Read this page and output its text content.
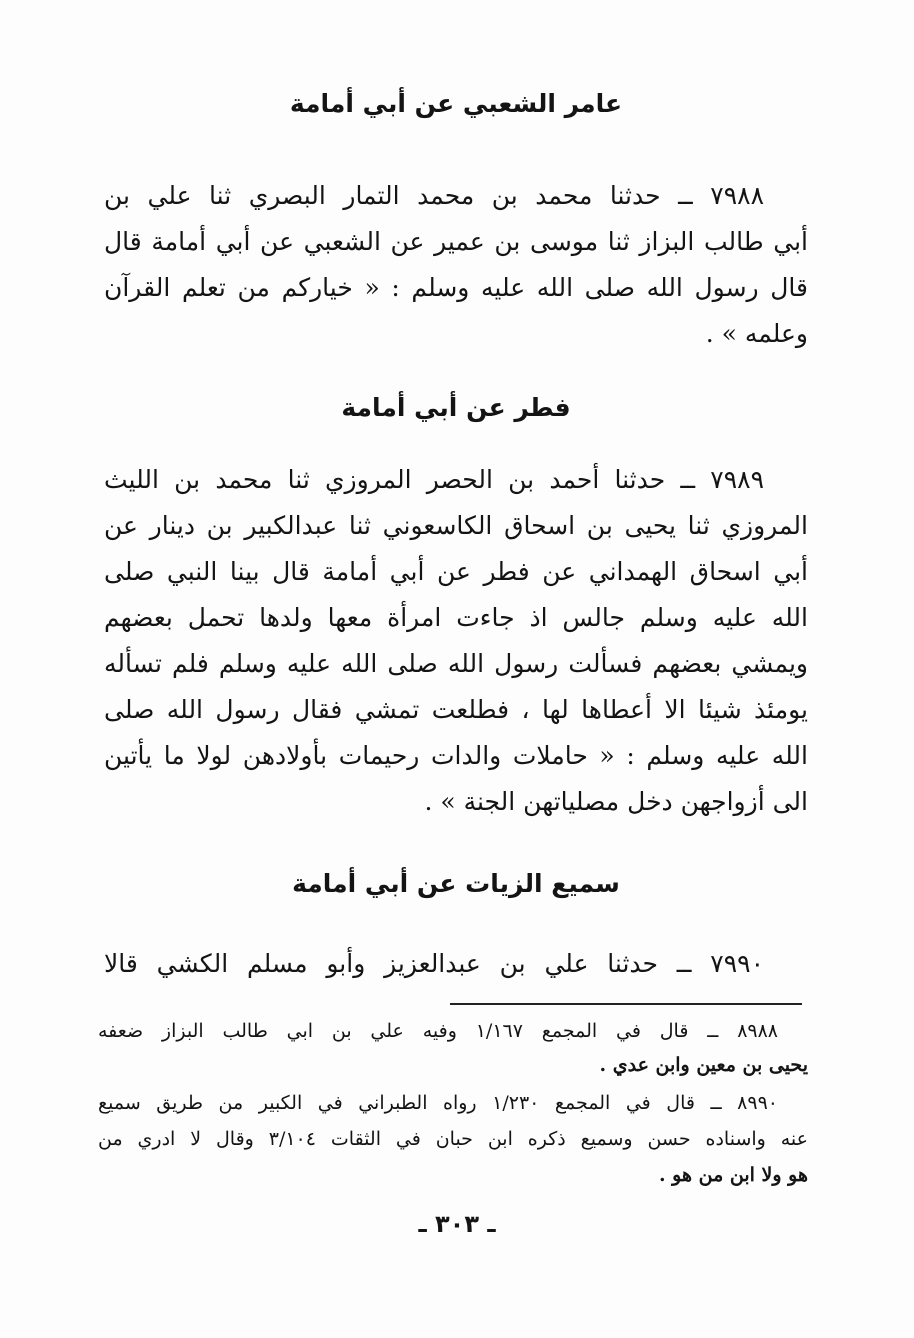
عامر الشعبي عن أبي أمامة
٧٩٨٨ ــ حدثنا محمد بن محمد التمار البصري ثنا علي بن
أبي طالب البزاز ثنا موسى بن عمير عن الشعبي عن أبي أمامة قال
قال رسول الله صلى الله عليه وسلم : « خياركم من تعلم القرآن
وعلمه » .
فطر عن أبي أمامة
٧٩٨٩ ــ حدثنا أحمد بن الحصر المروزي ثنا محمد بن الليث
المروزي ثنا يحيى بن اسحاق الكاسعوني ثنا عبدالكبير بن دينار عن
أبي اسحاق الهمداني عن فطر عن أبي أمامة قال بينا النبي صلى
الله عليه وسلم جالس اذ جاءت امرأة معها ولدها تحمل بعضهم
ويمشي بعضهم فسألت رسول الله صلى الله عليه وسلم فلم تسأله
يومئذ شيئا الا أعطاها لها ، فطلعت تمشي فقال رسول الله صلى
الله عليه وسلم : « حاملات والدات رحيمات بأولادهن لولا ما يأتين
الى أزواجهن دخل مصلياتهن الجنة » .
سميع الزيات عن أبي أمامة
٧٩٩٠ ــ حدثنا علي بن عبدالعزيز وأبو مسلم الكشي قالا
٨٩٨٨ ــ قال في المجمع ١/١٦٧ وفيه علي بن ابي طالب البزاز ضعفه
يحيى بن معين وابن عدي .
٨٩٩٠ ــ قال في المجمع ١/٢٣٠ رواه الطبراني في الكبير من طريق سميع
عنه واسناده حسن وسميع ذكره ابن حبان في الثقات ٣/١٠٤ وقال لا ادري من
هو ولا ابن من هو .
ـ ٣٠٣ ـ
